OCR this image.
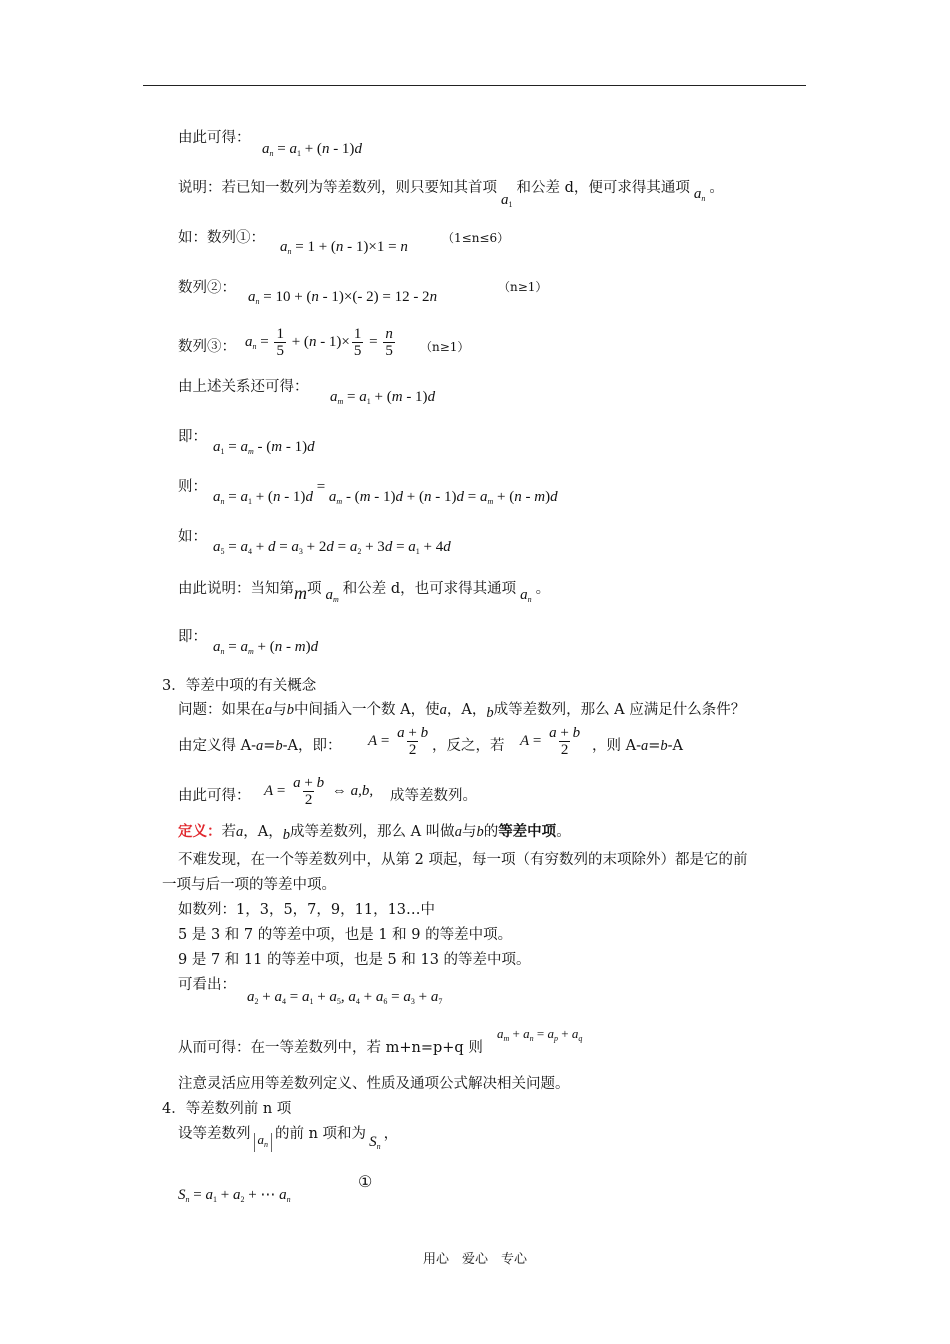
由此可得：
$a_n = a_1 + (n - 1)d$
说明：若已知一数列为等差数列，则只要知其首项$a_1$和公差 d，便可求得其通项 $a_n$。
如：数列①：
$a_n = 1 + (n - 1)\times 1 = n$
（1≤n≤6）
数列②：
$a_n = 10 + (n - 1)\times(-$ 2) = 12 - 2n
（n≥1）
数列③： $a_n = \frac{1}{5} + (n - 1)\times \frac{1}{5} = \frac{n}{5} (n\ge 1)$
由上述关系还可得：
$a_m = a_1 + (m - 1)d$
即：
$a_1 = a_m - (m - 1)d$
则：
$a_n = a_1 + (n - 1)d = a_m - (m - 1)d + (n - 1)d = a_m + (n - m)d$
如：
$a_5 = a_4 + d = a_3 + 2d = a_2 + 3d = a_1 + 4d$
由此说明：当知第m项 $a_m$和公差 d，也可求得其通项 $a_n$。
即：
$a_n = a_m + (n - m)d$
3．等差中项的有关概念
问题：如果在a与b中间插入一个数 A，使a，A，b成等差数列，那么 A 应满足什么条件？
由定义得 A-a=b-A，即： $A = \frac{a + b}{2}$ ，反之，若 $A = \frac{a + b}{2}$ ，则 A-a=b-A
由此可得： $A = \frac{a + b}{2}$ ⇔ a,b, 成等差数列。
定义：若a，A，b成等差数列，那么 A 叫做a与b的等差中项。
不难发现，在一个等差数列中，从第 2 项起，每一项（有穷数列的末项除外）都是它的前
一项与后一项的等差中项。
如数列：1，3，5，7，9，11，13…中
5 是 3 和 7 的等差中项，也是 1 和 9 的等差中项。
9 是 7 和 11 的等差中项，也是 5 和 13 的等差中项。
可看出：
$a_2 + a_4 = a_1 + a_5$, $a_4 + a_6 = a_3 + a_7$
从而可得：在一等差数列中，若 m+n=p+q 则
$a_m + a_n = a_p + a_q$
注意灵活应用等差数列定义、性质及通项公式解决相关问题。
4．等差数列前 n 项
设等差数列 $a_n$的前 n 项和为 $S_n$，
$S_n = a_1 + a_2$ + ⋯ $a_n$
①
用心　爱心　专心
